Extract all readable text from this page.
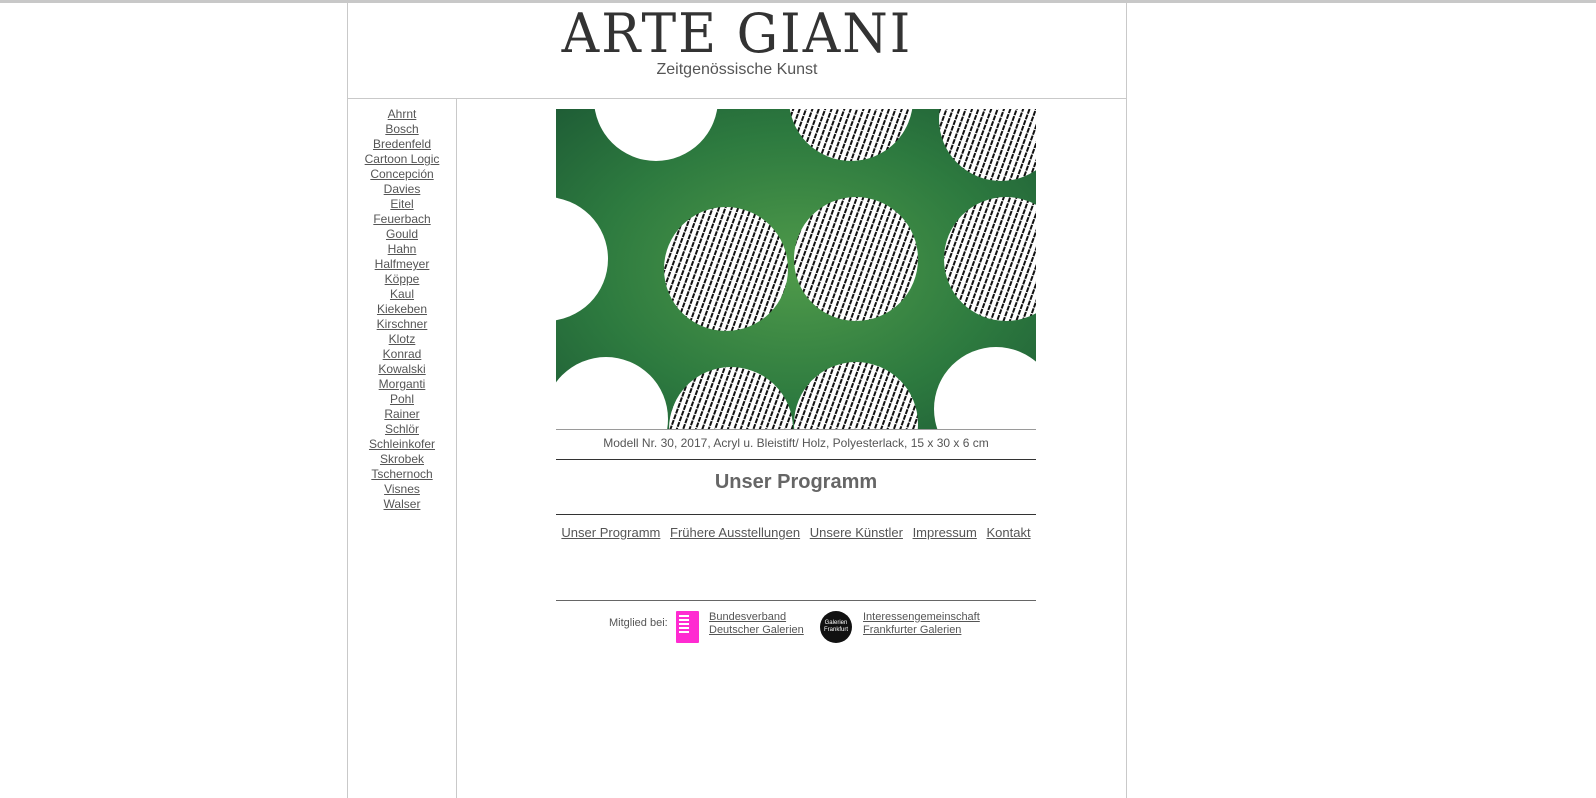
ARTE GIANI
Zeitgenössische Kunst
Ahrnt
Bosch
Bredenfeld
Cartoon Logic
Concepción
Davies
Eitel
Feuerbach
Gould
Hahn
Halfmeyer
Köppe
Kaul
Kiekeben
Kirschner
Klotz
Konrad
Kowalski
Morganti
Pohl
Rainer
Schlör
Schleinkofer
Skrobek
Tschernoch
Visnes
Walser
Modell Nr. 30, 2017, Acryl u. Bleistift/ Holz, Polyesterlack, 15 x 30 x 6 cm
Unser Programm
Unser Programm Frühere Ausstellungen Unsere Künstler Impressum Kontakt
Mitglied bei:	Bundesverband
Deutscher Galerien
Galerien
Frankfurt
Interessengemeinschaft
Frankfurter Galerien
